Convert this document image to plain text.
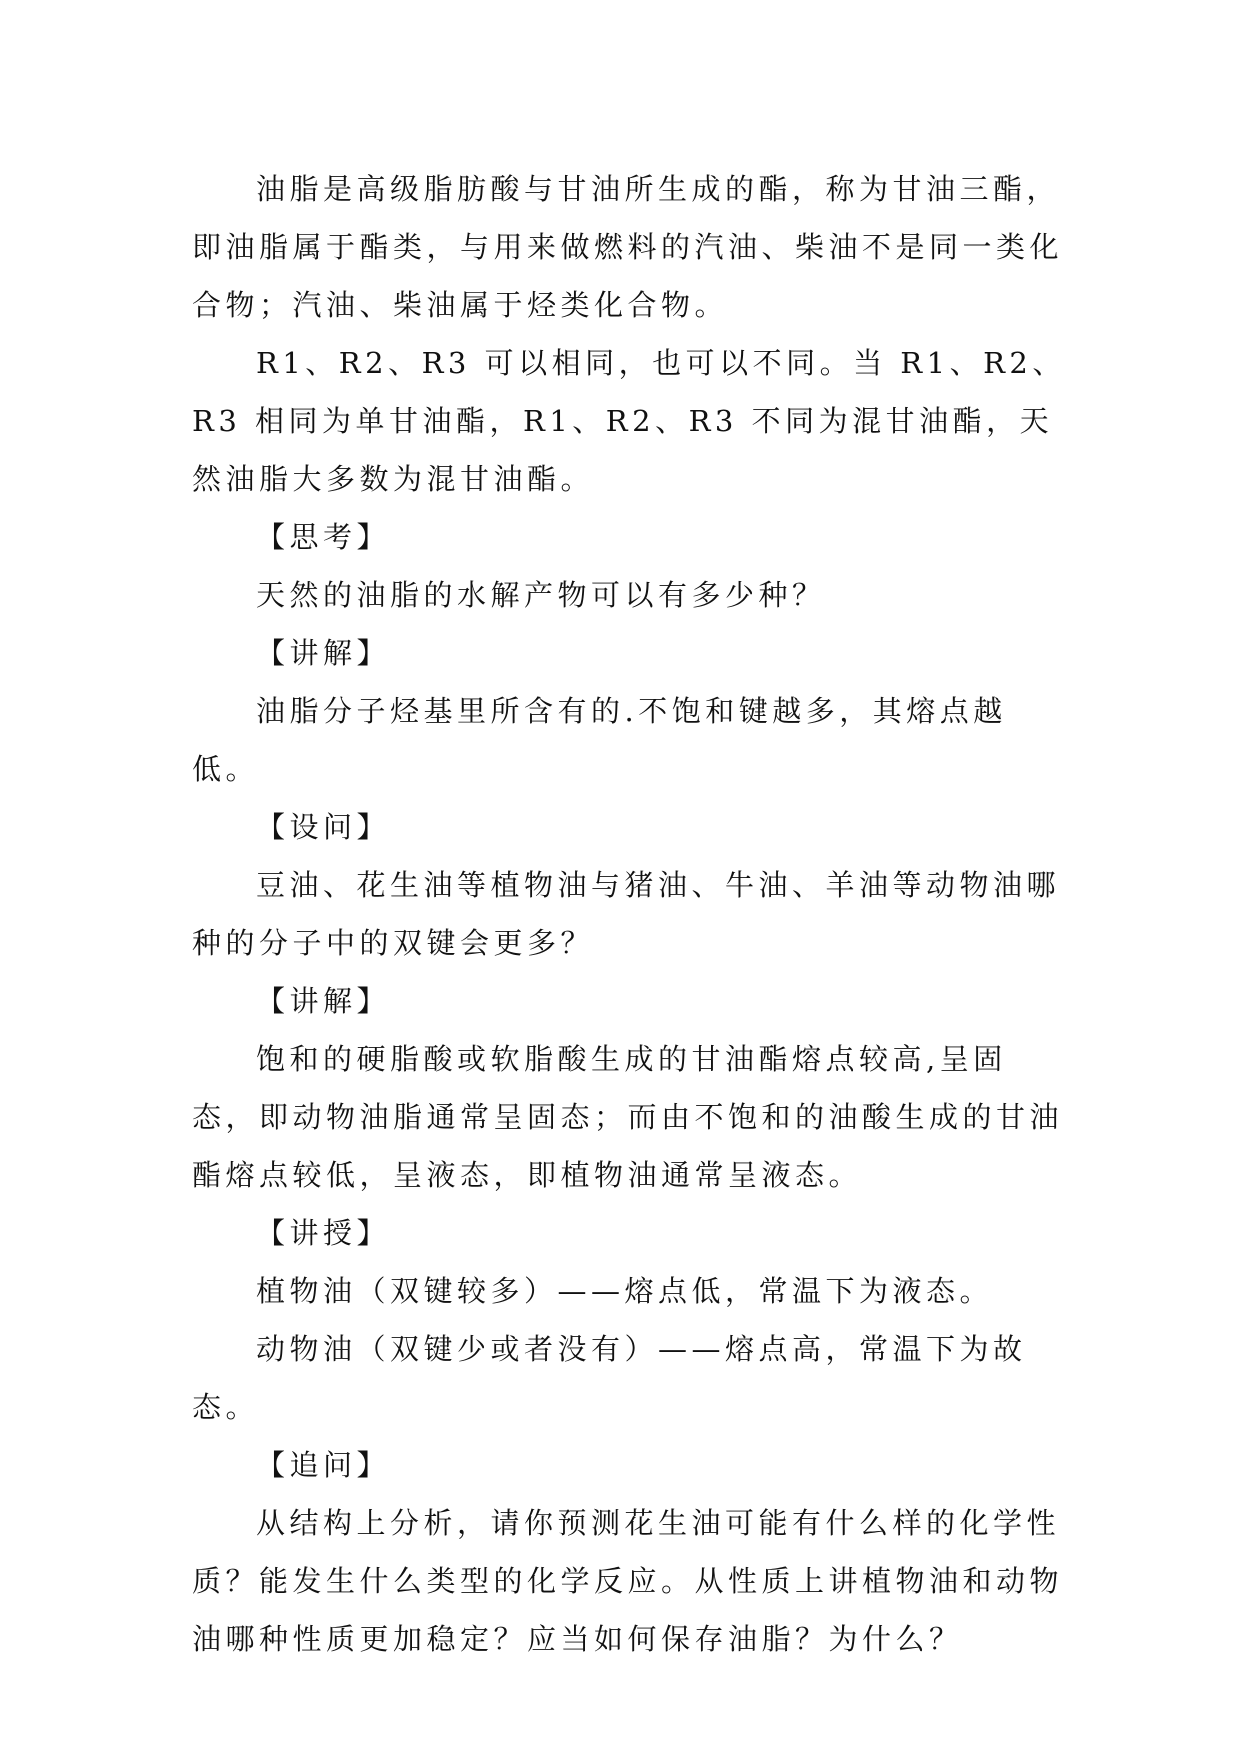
油脂是高级脂肪酸与甘油所生成的酯，称为甘油三酯，即油脂属于酯类，与用来做燃料的汽油、柴油不是同一类化合物；汽油、柴油属于烃类化合物。

R1、R2、R3 可以相同，也可以不同。当 R1、R2、R3 相同为单甘油酯，R1、R2、R3 不同为混甘油酯，天然油脂大多数为混甘油酯。

【思考】

天然的油脂的水解产物可以有多少种？

【讲解】

油脂分子烃基里所含有的.不饱和键越多，其熔点越低。

【设问】

豆油、花生油等植物油与猪油、牛油、羊油等动物油哪种的分子中的双键会更多？

【讲解】

饱和的硬脂酸或软脂酸生成的甘油酯熔点较高,呈固态，即动物油脂通常呈固态；而由不饱和的油酸生成的甘油酯熔点较低，呈液态，即植物油通常呈液态。

【讲授】

植物油（双键较多）——熔点低，常温下为液态。

动物油（双键少或者没有）——熔点高，常温下为故态。

【追问】

从结构上分析，请你预测花生油可能有什么样的化学性质？能发生什么类型的化学反应。从性质上讲植物油和动物油哪种性质更加稳定？应当如何保存油脂？为什么？
